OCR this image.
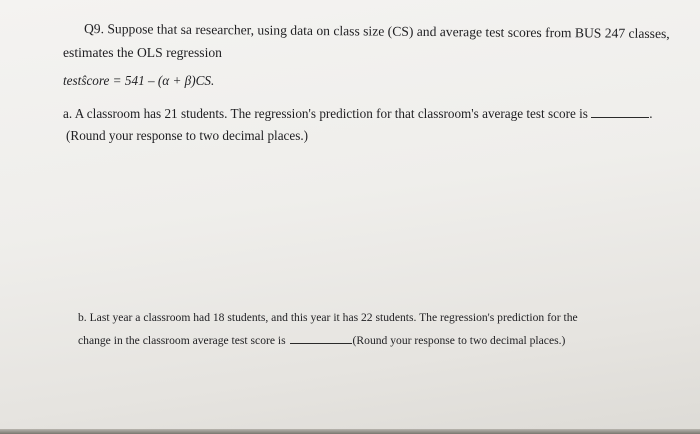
Q9. Suppose that sa researcher, using data on class size (CS) and average test scores from BUS 247 classes,
estimates the OLS regression
testŝcore = 541 – (α + β)CS.
a. A classroom has 21 students. The regression's prediction for that classroom's average test score is	.
(Round your response to two decimal places.)
b. Last year a classroom had 18 students, and this year it has 22 students. The regression's prediction for the
change in the classroom average test score is	(Round your response to two decimal places.)
